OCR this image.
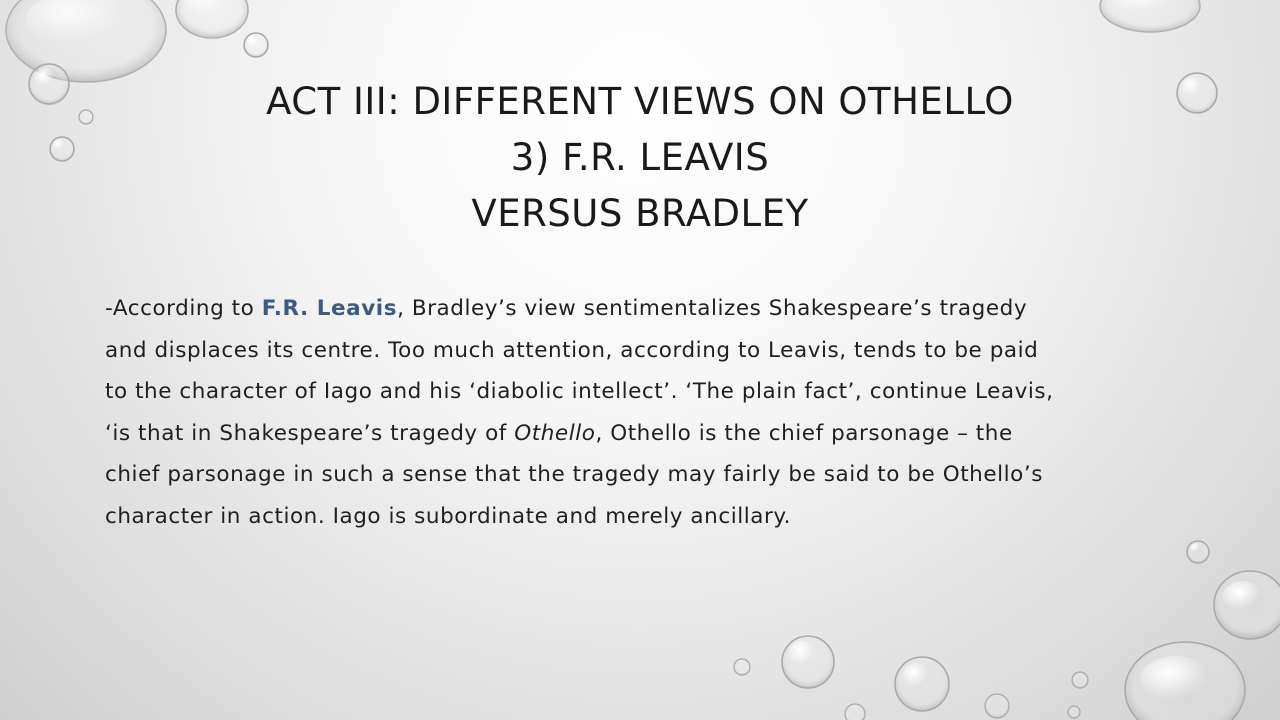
ACT III: DIFFERENT VIEWS ON OTHELLO
3) F.R. LEAVIS
VERSUS BRADLEY
-According to F.R. Leavis, Bradley’s view sentimentalizes Shakespeare’s tragedy
and displaces its centre. Too much attention, according to Leavis, tends to be paid
to the character of Iago and his ‘diabolic intellect’. ‘The plain fact’, continue Leavis,
‘is that in Shakespeare’s tragedy of Othello, Othello is the chief parsonage – the
chief parsonage in such a sense that the tragedy may fairly be said to be Othello’s
character in action. Iago is subordinate and merely ancillary.
